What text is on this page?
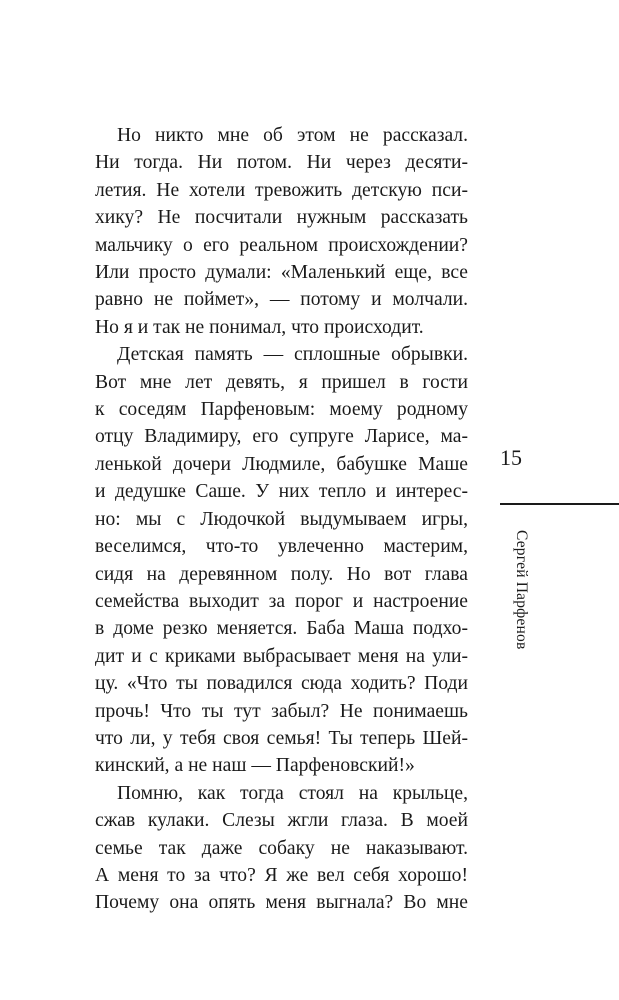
Но никто мне об этом не рассказал.
Ни тогда. Ни потом. Ни через десяти-
летия. Не хотели тревожить детскую пси-
хику? Не посчитали нужным рассказать
мальчику о его реальном происхождении?
Или просто думали: «Маленький еще, все
равно не поймет», — потому и молчали.
Но я и так не понимал, что происходит.
Детская память — сплошные обрывки.
Вот мне лет девять, я пришел в гости
к соседям Парфеновым: моему родному
отцу Владимиру, его супруге Ларисе, ма-
ленькой дочери Людмиле, бабушке Маше
и дедушке Саше. У них тепло и интерес-
но: мы с Людочкой выдумываем игры,
веселимся, что-то увлеченно мастерим,
сидя на деревянном полу. Но вот глава
семейства выходит за порог и настроение
в доме резко меняется. Баба Маша подхо-
дит и с криками выбрасывает меня на ули-
цу. «Что ты повадился сюда ходить? Поди
прочь! Что ты тут забыл? Не понимаешь
что ли, у тебя своя семья! Ты теперь Шей-
кинский, а не наш — Парфеновский!»
Помню, как тогда стоял на крыльце,
сжав кулаки. Слезы жгли глаза. В моей
семье так даже собаку не наказывают.
А меня то за что? Я же вел себя хорошо!
Почему она опять меня выгнала? Во мне
15
Сергей Парфенов
